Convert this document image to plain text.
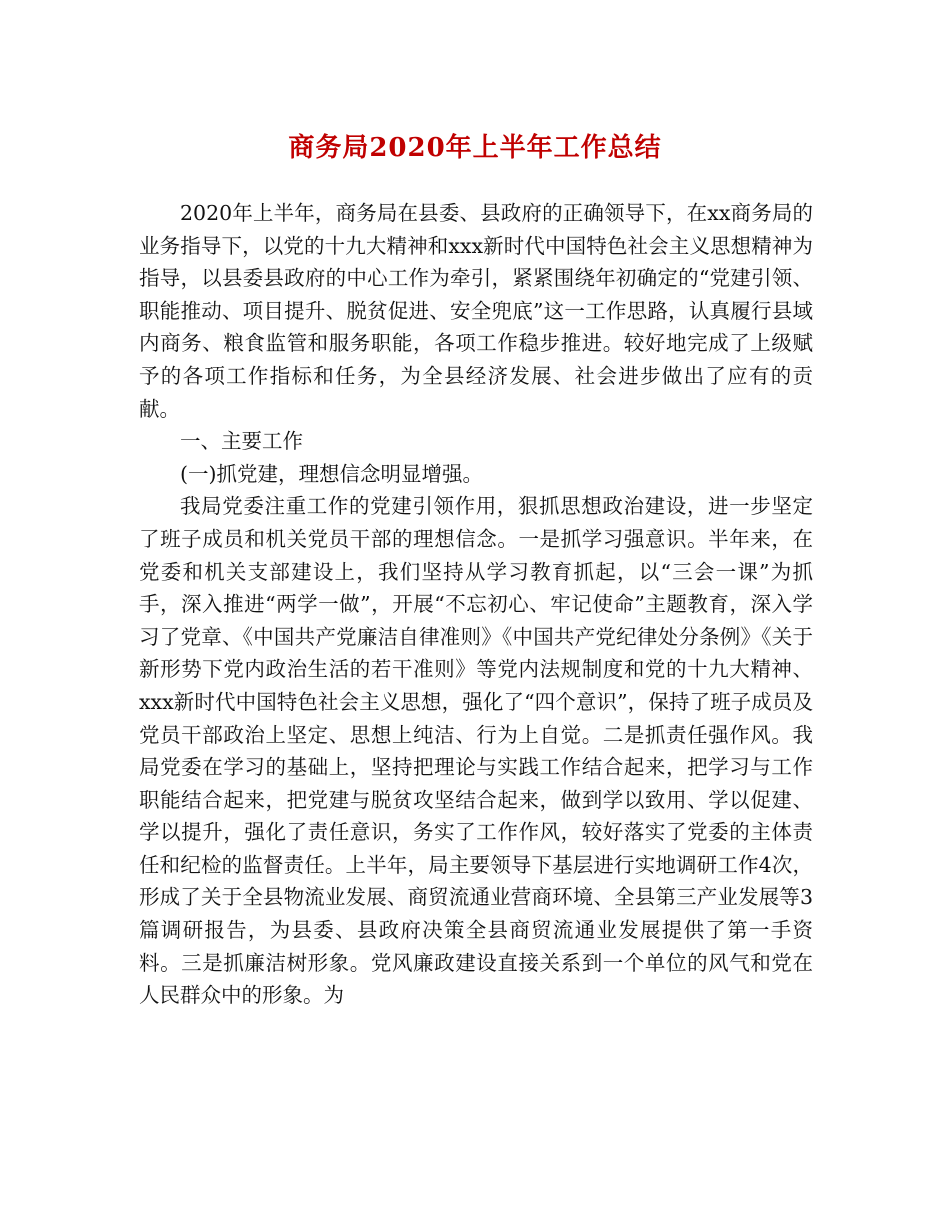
商务局2020年上半年工作总结

2020年上半年，商务局在县委、县政府的正确领导下，在xx商务局的业务指导下，以党的十九大精神和xxx新时代中国特色社会主义思想精神为指导，以县委县政府的中心工作为牵引，紧紧围绕年初确定的“党建引领、职能推动、项目提升、脱贫促进、安全兜底”这一工作思路，认真履行县域内商务、粮食监管和服务职能，各项工作稳步推进。较好地完成了上级赋予的各项工作指标和任务，为全县经济发展、社会进步做出了应有的贡献。

一、主要工作

(一)抓党建，理想信念明显增强。

我局党委注重工作的党建引领作用，狠抓思想政治建设，进一步坚定了班子成员和机关党员干部的理想信念。一是抓学习强意识。半年来，在党委和机关支部建设上，我们坚持从学习教育抓起，以“三会一课”为抓手，深入推进“两学一做”，开展“不忘初心、牢记使命”主题教育，深入学习了党章、《中国共产党廉洁自律准则》《中国共产党纪律处分条例》《关于新形势下党内政治生活的若干准则》等党内法规制度和党的十九大精神、xxx新时代中国特色社会主义思想，强化了“四个意识”，保持了班子成员及党员干部政治上坚定、思想上纯洁、行为上自觉。二是抓责任强作风。我局党委在学习的基础上，坚持把理论与实践工作结合起来，把学习与工作职能结合起来，把党建与脱贫攻坚结合起来，做到学以致用、学以促建、学以提升，强化了责任意识，务实了工作作风，较好落实了党委的主体责任和纪检的监督责任。上半年，局主要领导下基层进行实地调研工作4次，形成了关于全县物流业发展、商贸流通业营商环境、全县第三产业发展等3篇调研报告，为县委、县政府决策全县商贸流通业发展提供了第一手资料。三是抓廉洁树形象。党风廉政建设直接关系到一个单位的风气和党在人民群众中的形象。为
